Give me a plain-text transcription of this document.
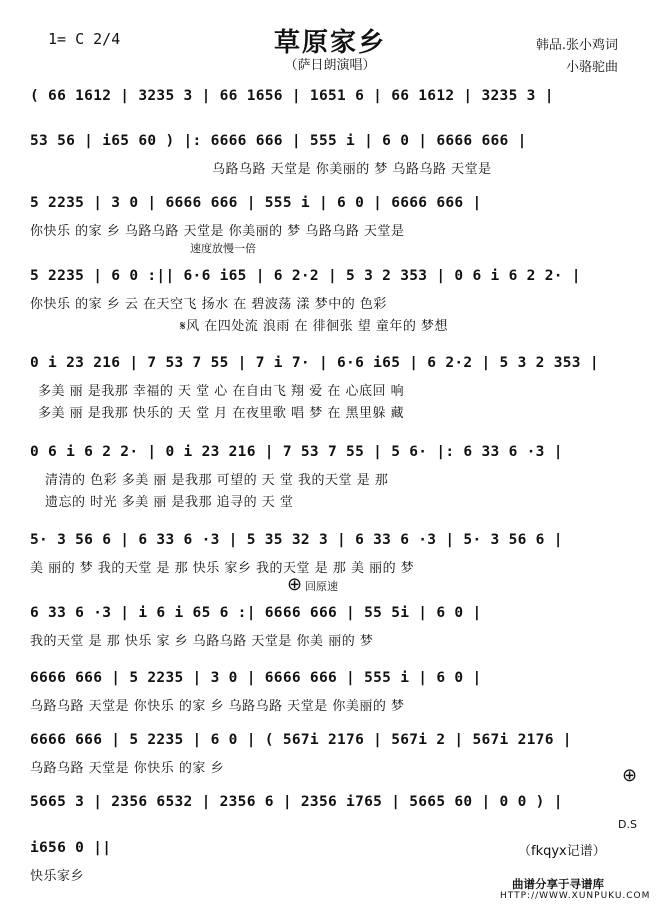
1= C 2/4	草原家乡
（萨日朗演唱）
韩品.张小鸡词
小骆驼曲
( 66 1612 | 3235 3 | 66 1656 | 1651 6 | 66 1612 | 3235 3 |
53 56 | i65 60 ) |: 6666 666 | 555 i | 6 0 | 6666 666 |
乌路乌路 天堂是 你美丽的 梦 乌路乌路 天堂是
5 2235 | 3 0 | 6666 666 | 555 i | 6 0 | 6666 666 |
你快乐 的家 乡 乌路乌路 天堂是 你美丽的 梦 乌路乌路 天堂是
速度放慢一倍
5 2235 | 6 0 :|| 6·6 i65 | 6 2·2 | 5 3 2 353 | 0 6 i 6 2 2· |
你快乐 的家 乡 云 在天空飞 扬水 在 碧波荡 漾 梦中的 色彩
𝄋风 在四处流 浪雨 在 徘徊张 望 童年的 梦想
0 i 23 216 | 7 53 7 55 | 7 i 7· | 6·6 i65 | 6 2·2 | 5 3 2 353 |
多美 丽 是我那 幸福的 天 堂 心 在自由飞 翔 爱 在 心底回 响
多美 丽 是我那 快乐的 天 堂 月 在夜里歌 唱 梦 在 黑里躲 藏
0 6 i 6 2 2· | 0 i 23 216 | 7 53 7 55 | 5 6· |: 6 33 6 ·3 |
清清的 色彩 多美 丽 是我那 可望的 天 堂 我的天堂 是 那
遗忘的 时光 多美 丽 是我那 追寻的 天 堂
5· 3 56 6 | 6 33 6 ·3 | 5 35 32 3 | 6 33 6 ·3 | 5· 3 56 6 |
美 丽的 梦 我的天堂 是 那 快乐 家乡 我的天堂 是 那 美 丽的 梦
⊕ 回原速
6 33 6 ·3 | i 6 i 65 6 :| 6666 666 | 55 5i | 6 0 |
我的天堂 是 那 快乐 家 乡 乌路乌路 天堂是 你美 丽的 梦
6666 666 | 5 2235 | 3 0 | 6666 666 | 555 i | 6 0 |
乌路乌路 天堂是 你快乐 的家 乡 乌路乌路 天堂是 你美丽的 梦
6666 666 | 5 2235 | 6 0 | ( 567i 2176 | 567i 2 | 567i 2176 |
乌路乌路 天堂是 你快乐 的家 乡	⊕
5665 3 | 2356 6532 | 2356 6 | 2356 i765 | 5665 60 | 0 0 ) |
D.S
i656 0 ||
快乐家乡
（fkqyx记谱）
曲谱分享于寻谱库
HTTP://WWW.XUNPUKU.COM
